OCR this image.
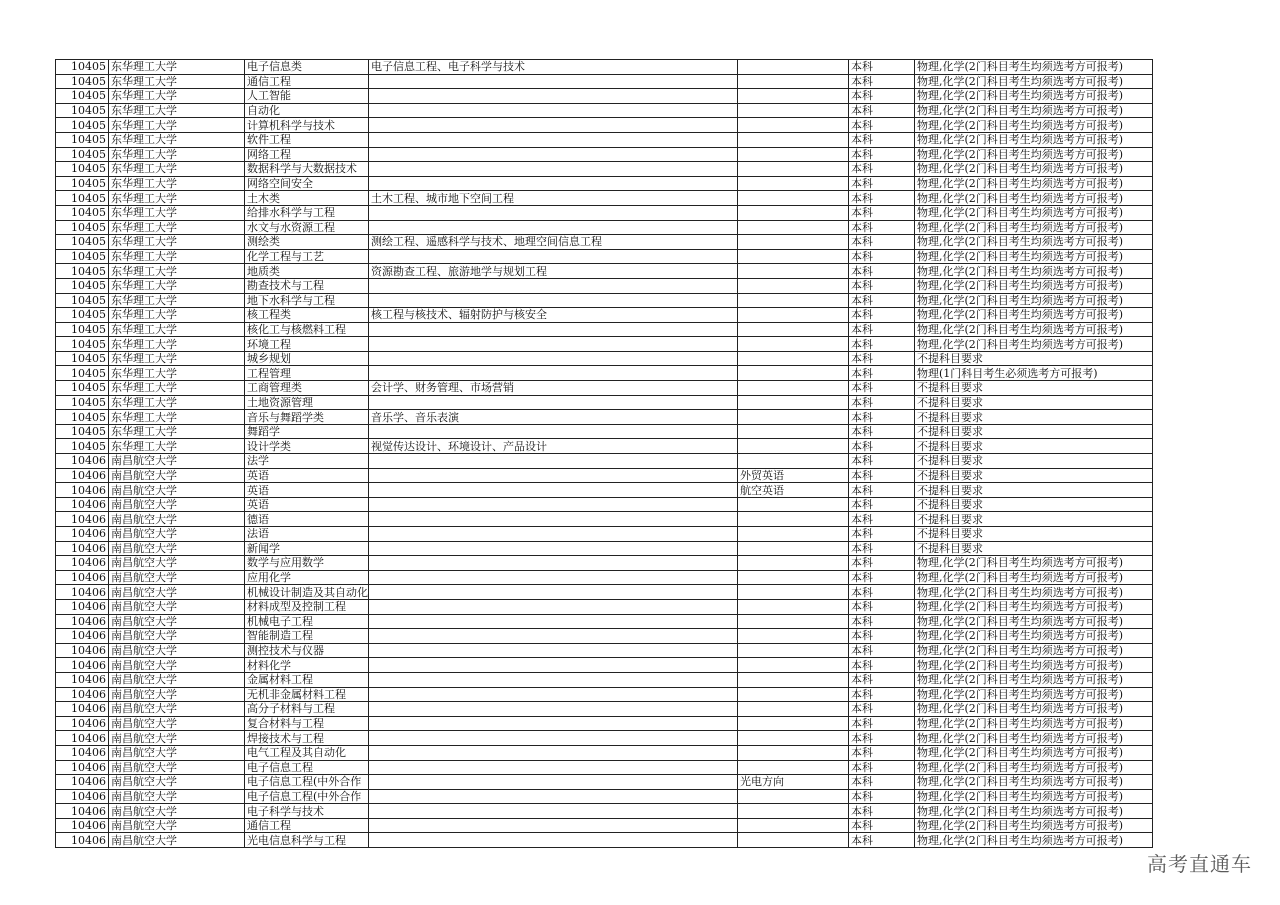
10405	东华理工大学	电子信息类	电子信息工程、电子科学与技术		本科	物理,化学(2门科目考生均须选考方可报考)
10405	东华理工大学	通信工程			本科	物理,化学(2门科目考生均须选考方可报考)
10405	东华理工大学	人工智能			本科	物理,化学(2门科目考生均须选考方可报考)
10405	东华理工大学	自动化			本科	物理,化学(2门科目考生均须选考方可报考)
10405	东华理工大学	计算机科学与技术			本科	物理,化学(2门科目考生均须选考方可报考)
10405	东华理工大学	软件工程			本科	物理,化学(2门科目考生均须选考方可报考)
10405	东华理工大学	网络工程			本科	物理,化学(2门科目考生均须选考方可报考)
10405	东华理工大学	数据科学与大数据技术			本科	物理,化学(2门科目考生均须选考方可报考)
10405	东华理工大学	网络空间安全			本科	物理,化学(2门科目考生均须选考方可报考)
10405	东华理工大学	土木类	土木工程、城市地下空间工程		本科	物理,化学(2门科目考生均须选考方可报考)
10405	东华理工大学	给排水科学与工程			本科	物理,化学(2门科目考生均须选考方可报考)
10405	东华理工大学	水文与水资源工程			本科	物理,化学(2门科目考生均须选考方可报考)
10405	东华理工大学	测绘类	测绘工程、遥感科学与技术、地理空间信息工程		本科	物理,化学(2门科目考生均须选考方可报考)
10405	东华理工大学	化学工程与工艺			本科	物理,化学(2门科目考生均须选考方可报考)
10405	东华理工大学	地质类	资源勘查工程、旅游地学与规划工程		本科	物理,化学(2门科目考生均须选考方可报考)
10405	东华理工大学	勘查技术与工程			本科	物理,化学(2门科目考生均须选考方可报考)
10405	东华理工大学	地下水科学与工程			本科	物理,化学(2门科目考生均须选考方可报考)
10405	东华理工大学	核工程类	核工程与核技术、辐射防护与核安全		本科	物理,化学(2门科目考生均须选考方可报考)
10405	东华理工大学	核化工与核燃料工程			本科	物理,化学(2门科目考生均须选考方可报考)
10405	东华理工大学	环境工程			本科	物理,化学(2门科目考生均须选考方可报考)
10405	东华理工大学	城乡规划			本科	不提科目要求
10405	东华理工大学	工程管理			本科	物理(1门科目考生必须选考方可报考)
10405	东华理工大学	工商管理类	会计学、财务管理、市场营销		本科	不提科目要求
10405	东华理工大学	土地资源管理			本科	不提科目要求
10405	东华理工大学	音乐与舞蹈学类	音乐学、音乐表演		本科	不提科目要求
10405	东华理工大学	舞蹈学			本科	不提科目要求
10405	东华理工大学	设计学类	视觉传达设计、环境设计、产品设计		本科	不提科目要求
10406	南昌航空大学	法学			本科	不提科目要求
10406	南昌航空大学	英语		外贸英语	本科	不提科目要求
10406	南昌航空大学	英语		航空英语	本科	不提科目要求
10406	南昌航空大学	英语			本科	不提科目要求
10406	南昌航空大学	德语			本科	不提科目要求
10406	南昌航空大学	法语			本科	不提科目要求
10406	南昌航空大学	新闻学			本科	不提科目要求
10406	南昌航空大学	数学与应用数学			本科	物理,化学(2门科目考生均须选考方可报考)
10406	南昌航空大学	应用化学			本科	物理,化学(2门科目考生均须选考方可报考)
10406	南昌航空大学	机械设计制造及其自动化			本科	物理,化学(2门科目考生均须选考方可报考)
10406	南昌航空大学	材料成型及控制工程			本科	物理,化学(2门科目考生均须选考方可报考)
10406	南昌航空大学	机械电子工程			本科	物理,化学(2门科目考生均须选考方可报考)
10406	南昌航空大学	智能制造工程			本科	物理,化学(2门科目考生均须选考方可报考)
10406	南昌航空大学	测控技术与仪器			本科	物理,化学(2门科目考生均须选考方可报考)
10406	南昌航空大学	材料化学			本科	物理,化学(2门科目考生均须选考方可报考)
10406	南昌航空大学	金属材料工程			本科	物理,化学(2门科目考生均须选考方可报考)
10406	南昌航空大学	无机非金属材料工程			本科	物理,化学(2门科目考生均须选考方可报考)
10406	南昌航空大学	高分子材料与工程			本科	物理,化学(2门科目考生均须选考方可报考)
10406	南昌航空大学	复合材料与工程			本科	物理,化学(2门科目考生均须选考方可报考)
10406	南昌航空大学	焊接技术与工程			本科	物理,化学(2门科目考生均须选考方可报考)
10406	南昌航空大学	电气工程及其自动化			本科	物理,化学(2门科目考生均须选考方可报考)
10406	南昌航空大学	电子信息工程			本科	物理,化学(2门科目考生均须选考方可报考)
10406	南昌航空大学	电子信息工程(中外合作		光电方向	本科	物理,化学(2门科目考生均须选考方可报考)
10406	南昌航空大学	电子信息工程(中外合作			本科	物理,化学(2门科目考生均须选考方可报考)
10406	南昌航空大学	电子科学与技术			本科	物理,化学(2门科目考生均须选考方可报考)
10406	南昌航空大学	通信工程			本科	物理,化学(2门科目考生均须选考方可报考)
10406	南昌航空大学	光电信息科学与工程			本科	物理,化学(2门科目考生均须选考方可报考)
高考直通车
